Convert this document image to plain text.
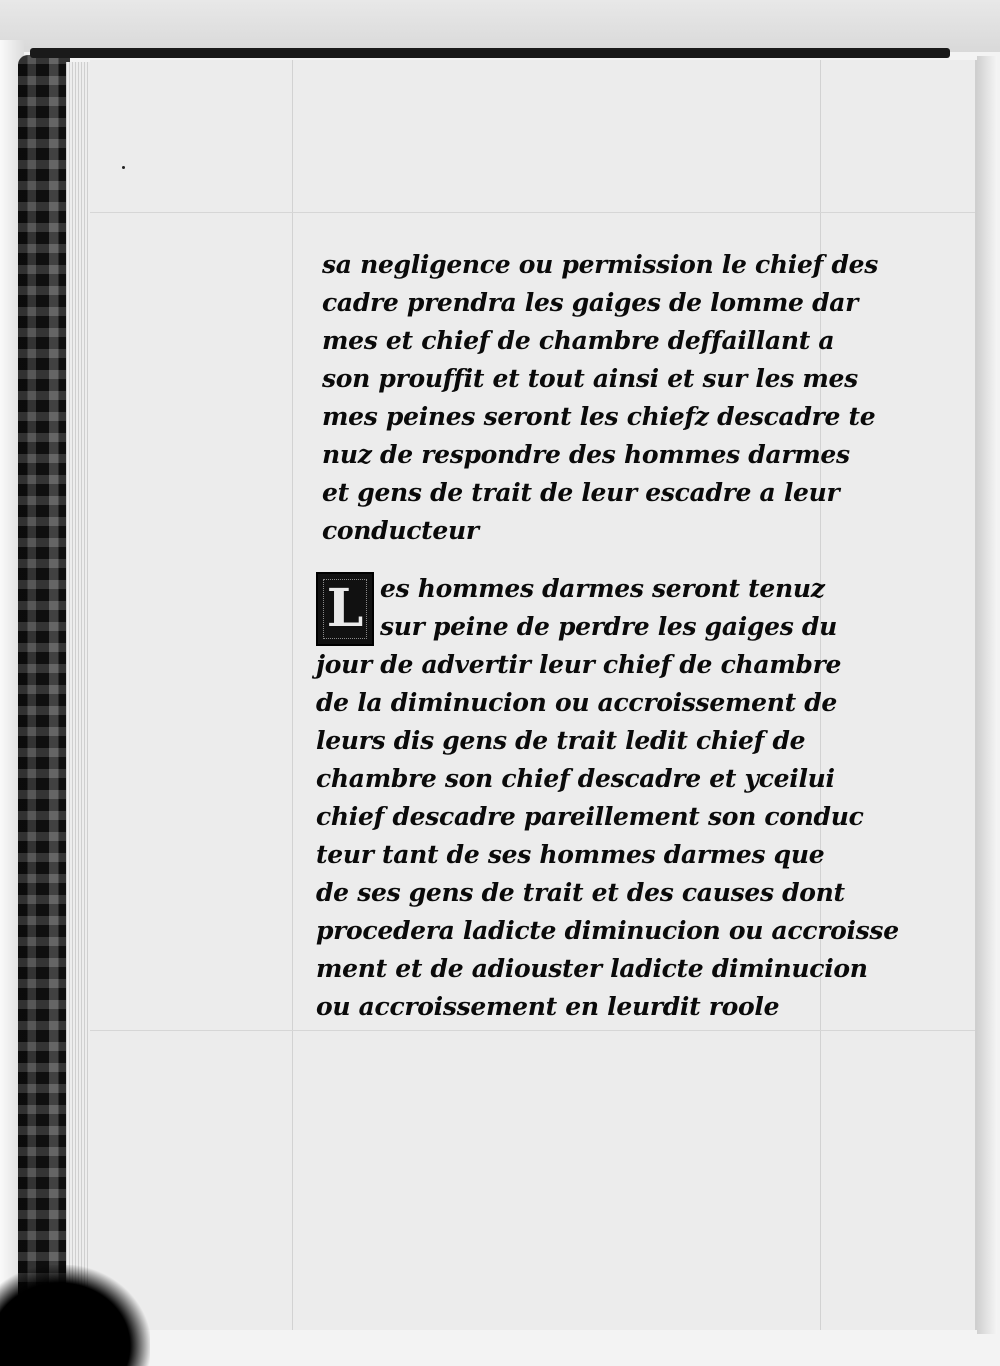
sa negligence ou permission le chief des
cadre prendra les gaiges de lomme dar
mes et chief de chambre deffaillant a
son prouffit et tout ainsi et sur les mes
mes peines seront les chiefz descadre te
nuz de respondre des hommes darmes
et gens de trait de leur escadre a leur
conducteur
L es hommes darmes seront tenuz
sur peine de perdre les gaiges du
jour de advertir leur chief de chambre
de la diminucion ou accroissement de
leurs dis gens de trait ledit chief de
chambre son chief descadre et yceilui
chief descadre pareillement son conduc
teur tant de ses hommes darmes que
de ses gens de trait et des causes dont
procedera ladicte diminucion ou accroisse
ment et de adiouster ladicte diminucion
ou accroissement en leurdit roole
